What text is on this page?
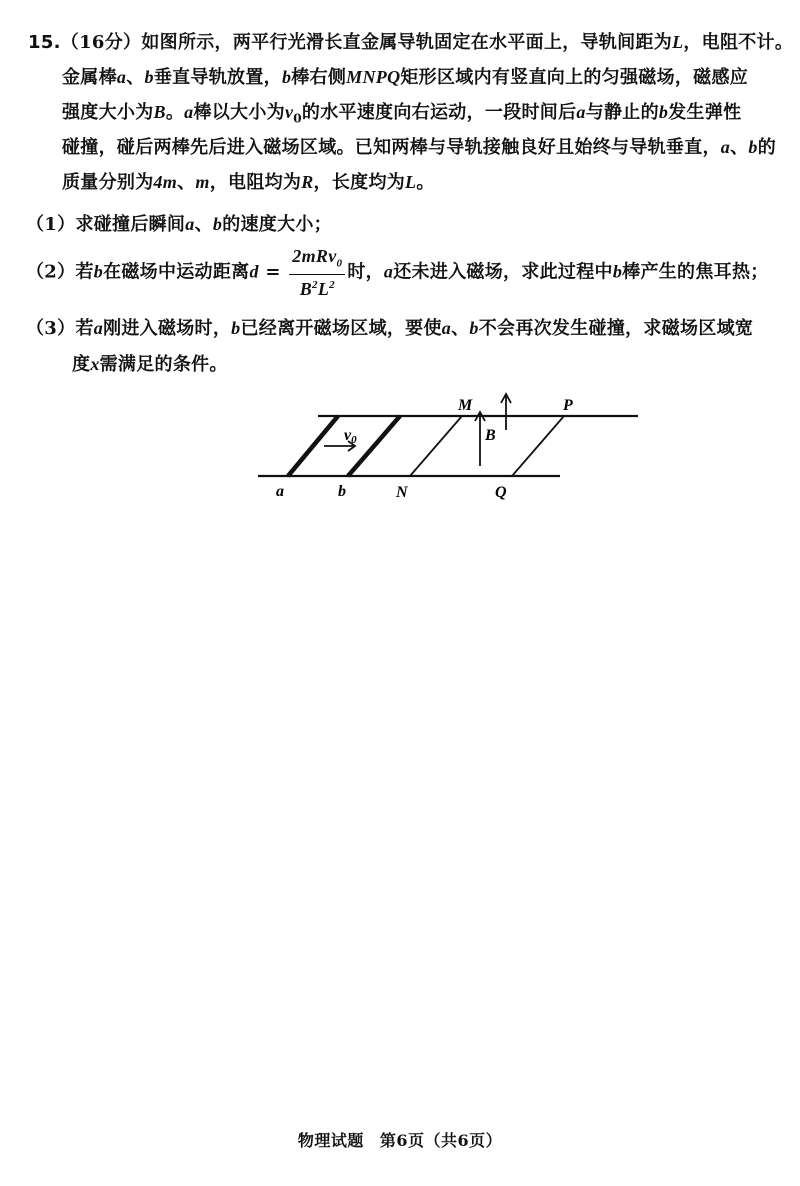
15.（16分）如图所示，两平行光滑长直金属导轨固定在水平面上，导轨间距为L，电阻不计。
金属棒a、b垂直导轨放置，b棒右侧MNPQ矩形区域内有竖直向上的匀强磁场，磁感应
强度大小为B。a棒以大小为$v_0$的水平速度向右运动，一段时间后a与静止的b发生弹性
碰撞，碰后两棒先后进入磁场区域。已知两棒与导轨接触良好且始终与导轨垂直，a、b的
质量分别为4m、m，电阻均为R，长度均为L。
（1）求碰撞后瞬间a、b的速度大小；
（2）若b在磁场中运动距离$d = \frac{2mRv_0}{B^2L^2}$ 时，a还未进入磁场，求此过程中b棒产生的焦耳热；
（3）若a刚进入磁场时，b已经离开磁场区域，要使a、b不会再次发生碰撞，求磁场区域宽
度x需满足的条件。
v0
a	b	N	Q
M	P
B
物理试题 第6页（共6页）
